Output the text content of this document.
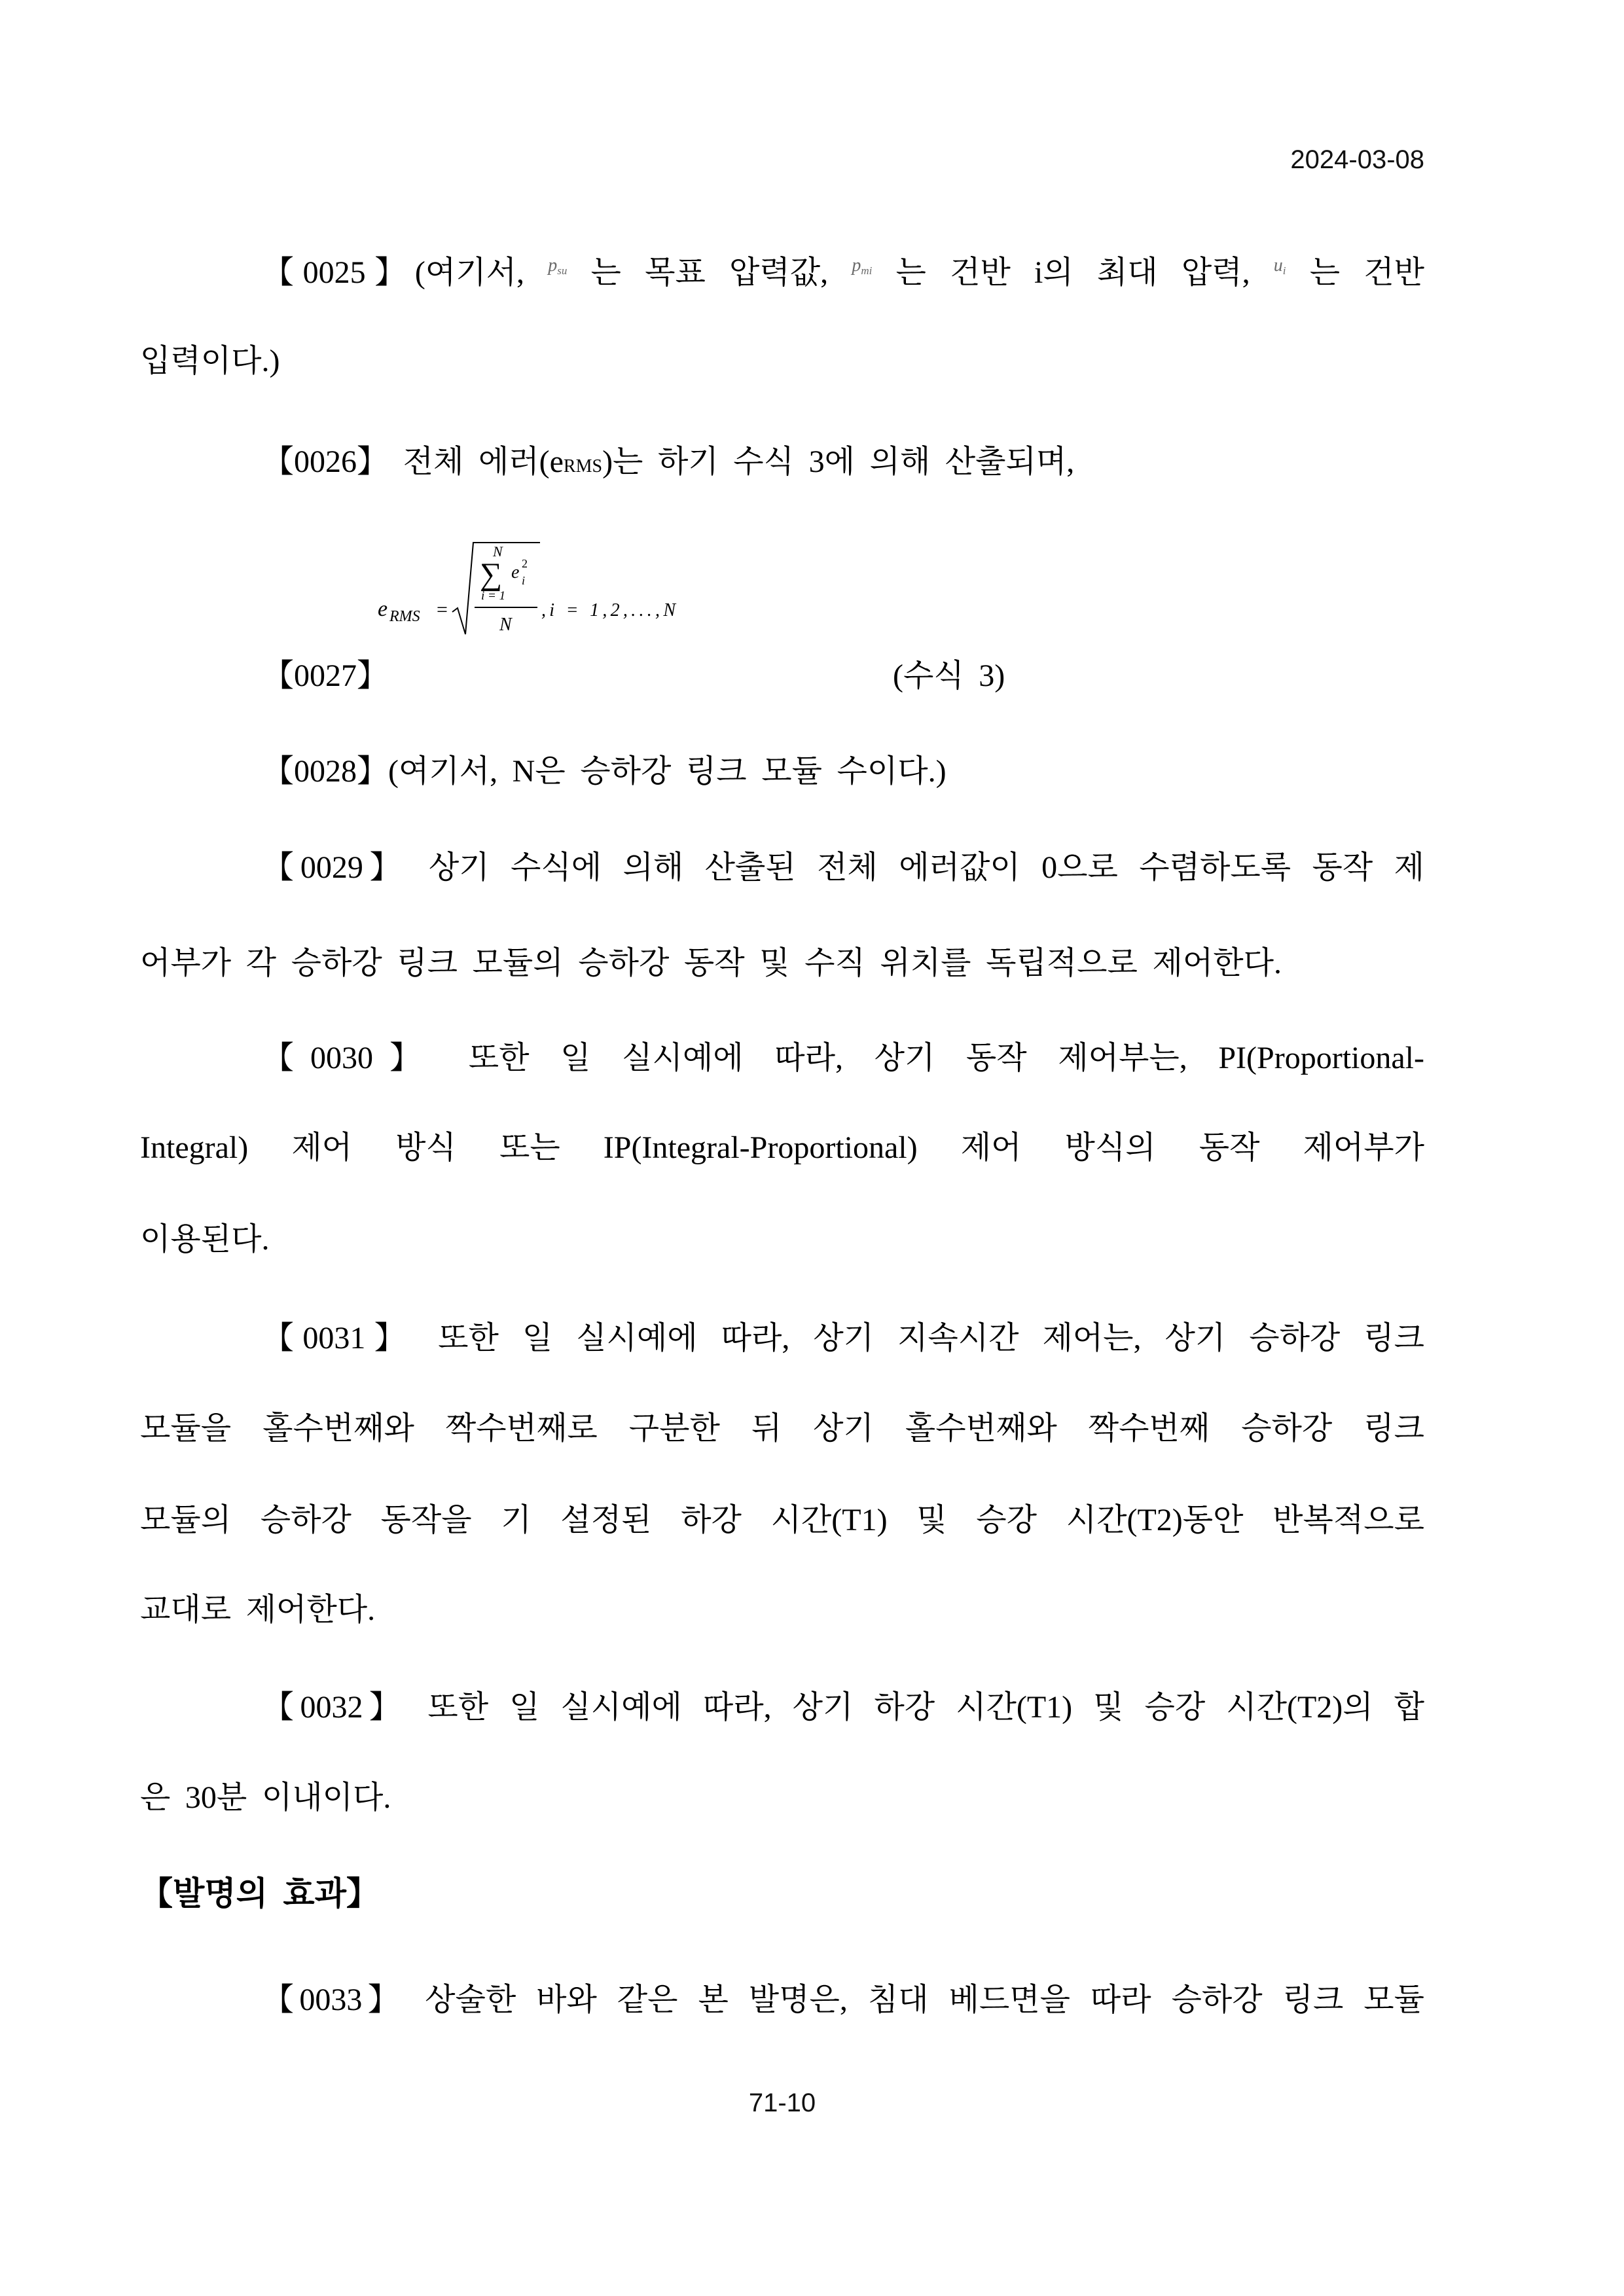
2024-03-08
【0025】(여기서, $^{p_{su}}$ 는 목표 압력값, $^{p_{mi}}$ 는 건반 i의 최대 압력, $^{u_i}$ 는 건반
입력이다.)
【0026】 전체 에러(eRMS)는 하기 수식 3에 의해 산출되며,
e RMS =
N
∑ e 2
i
i = 1
N
,i = 1,2,...,N
【0027】	(수식 3)
【0028】(여기서, N은 승하강 링크 모듈 수이다.)
【0029】 상기 수식에 의해 산출된 전체 에러값이 0으로 수렴하도록 동작 제
어부가 각 승하강 링크 모듈의 승하강 동작 및 수직 위치를 독립적으로 제어한다.
【0030】 또한 일 실시예에 따라, 상기 동작 제어부는, PI(Proportional-
Integral) 제어 방식 또는 IP(Integral-Proportional) 제어 방식의 동작 제어부가
이용된다.
【0031】 또한 일 실시예에 따라, 상기 지속시간 제어는, 상기 승하강 링크
모듈을 홀수번째와 짝수번째로 구분한 뒤 상기 홀수번째와 짝수번째 승하강 링크
모듈의 승하강 동작을 기 설정된 하강 시간(T1) 및 승강 시간(T2)동안 반복적으로
교대로 제어한다.
【0032】 또한 일 실시예에 따라, 상기 하강 시간(T1) 및 승강 시간(T2)의 합
은 30분 이내이다.
【발명의 효과】
【0033】 상술한 바와 같은 본 발명은, 침대 베드면을 따라 승하강 링크 모듈
71-10
